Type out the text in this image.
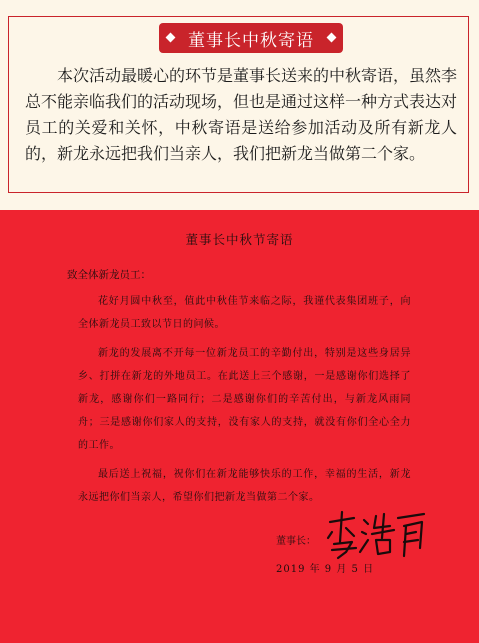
董事长中秋寄语

本次活动最暖心的环节是董事长送来的中秋寄语，虽然李总不能亲临我们的活动现场，但也是通过这样一种方式表达对员工的关爱和关怀，中秋寄语是送给参加活动及所有新龙人的，新龙永远把我们当亲人，我们把新龙当做第二个家。

董事长中秋节寄语
致全体新龙员工：

花好月圆中秋至，值此中秋佳节来临之际，我谨代表集团班子，向全体新龙员工致以节日的问候。

新龙的发展离不开每一位新龙员工的辛勤付出，特别是这些身居异乡、打拼在新龙的外地员工。在此送上三个感谢，一是感谢你们选择了新龙，感谢你们一路同行；二是感谢你们的辛苦付出，与新龙风雨同舟；三是感谢你们家人的支持，没有家人的支持，就没有你们全心全力的工作。

最后送上祝福，祝你们在新龙能够快乐的工作，幸福的生活，新龙永远把你们当亲人，希望你们把新龙当做第二个家。

董事长：
2019 年 9 月 5 日
